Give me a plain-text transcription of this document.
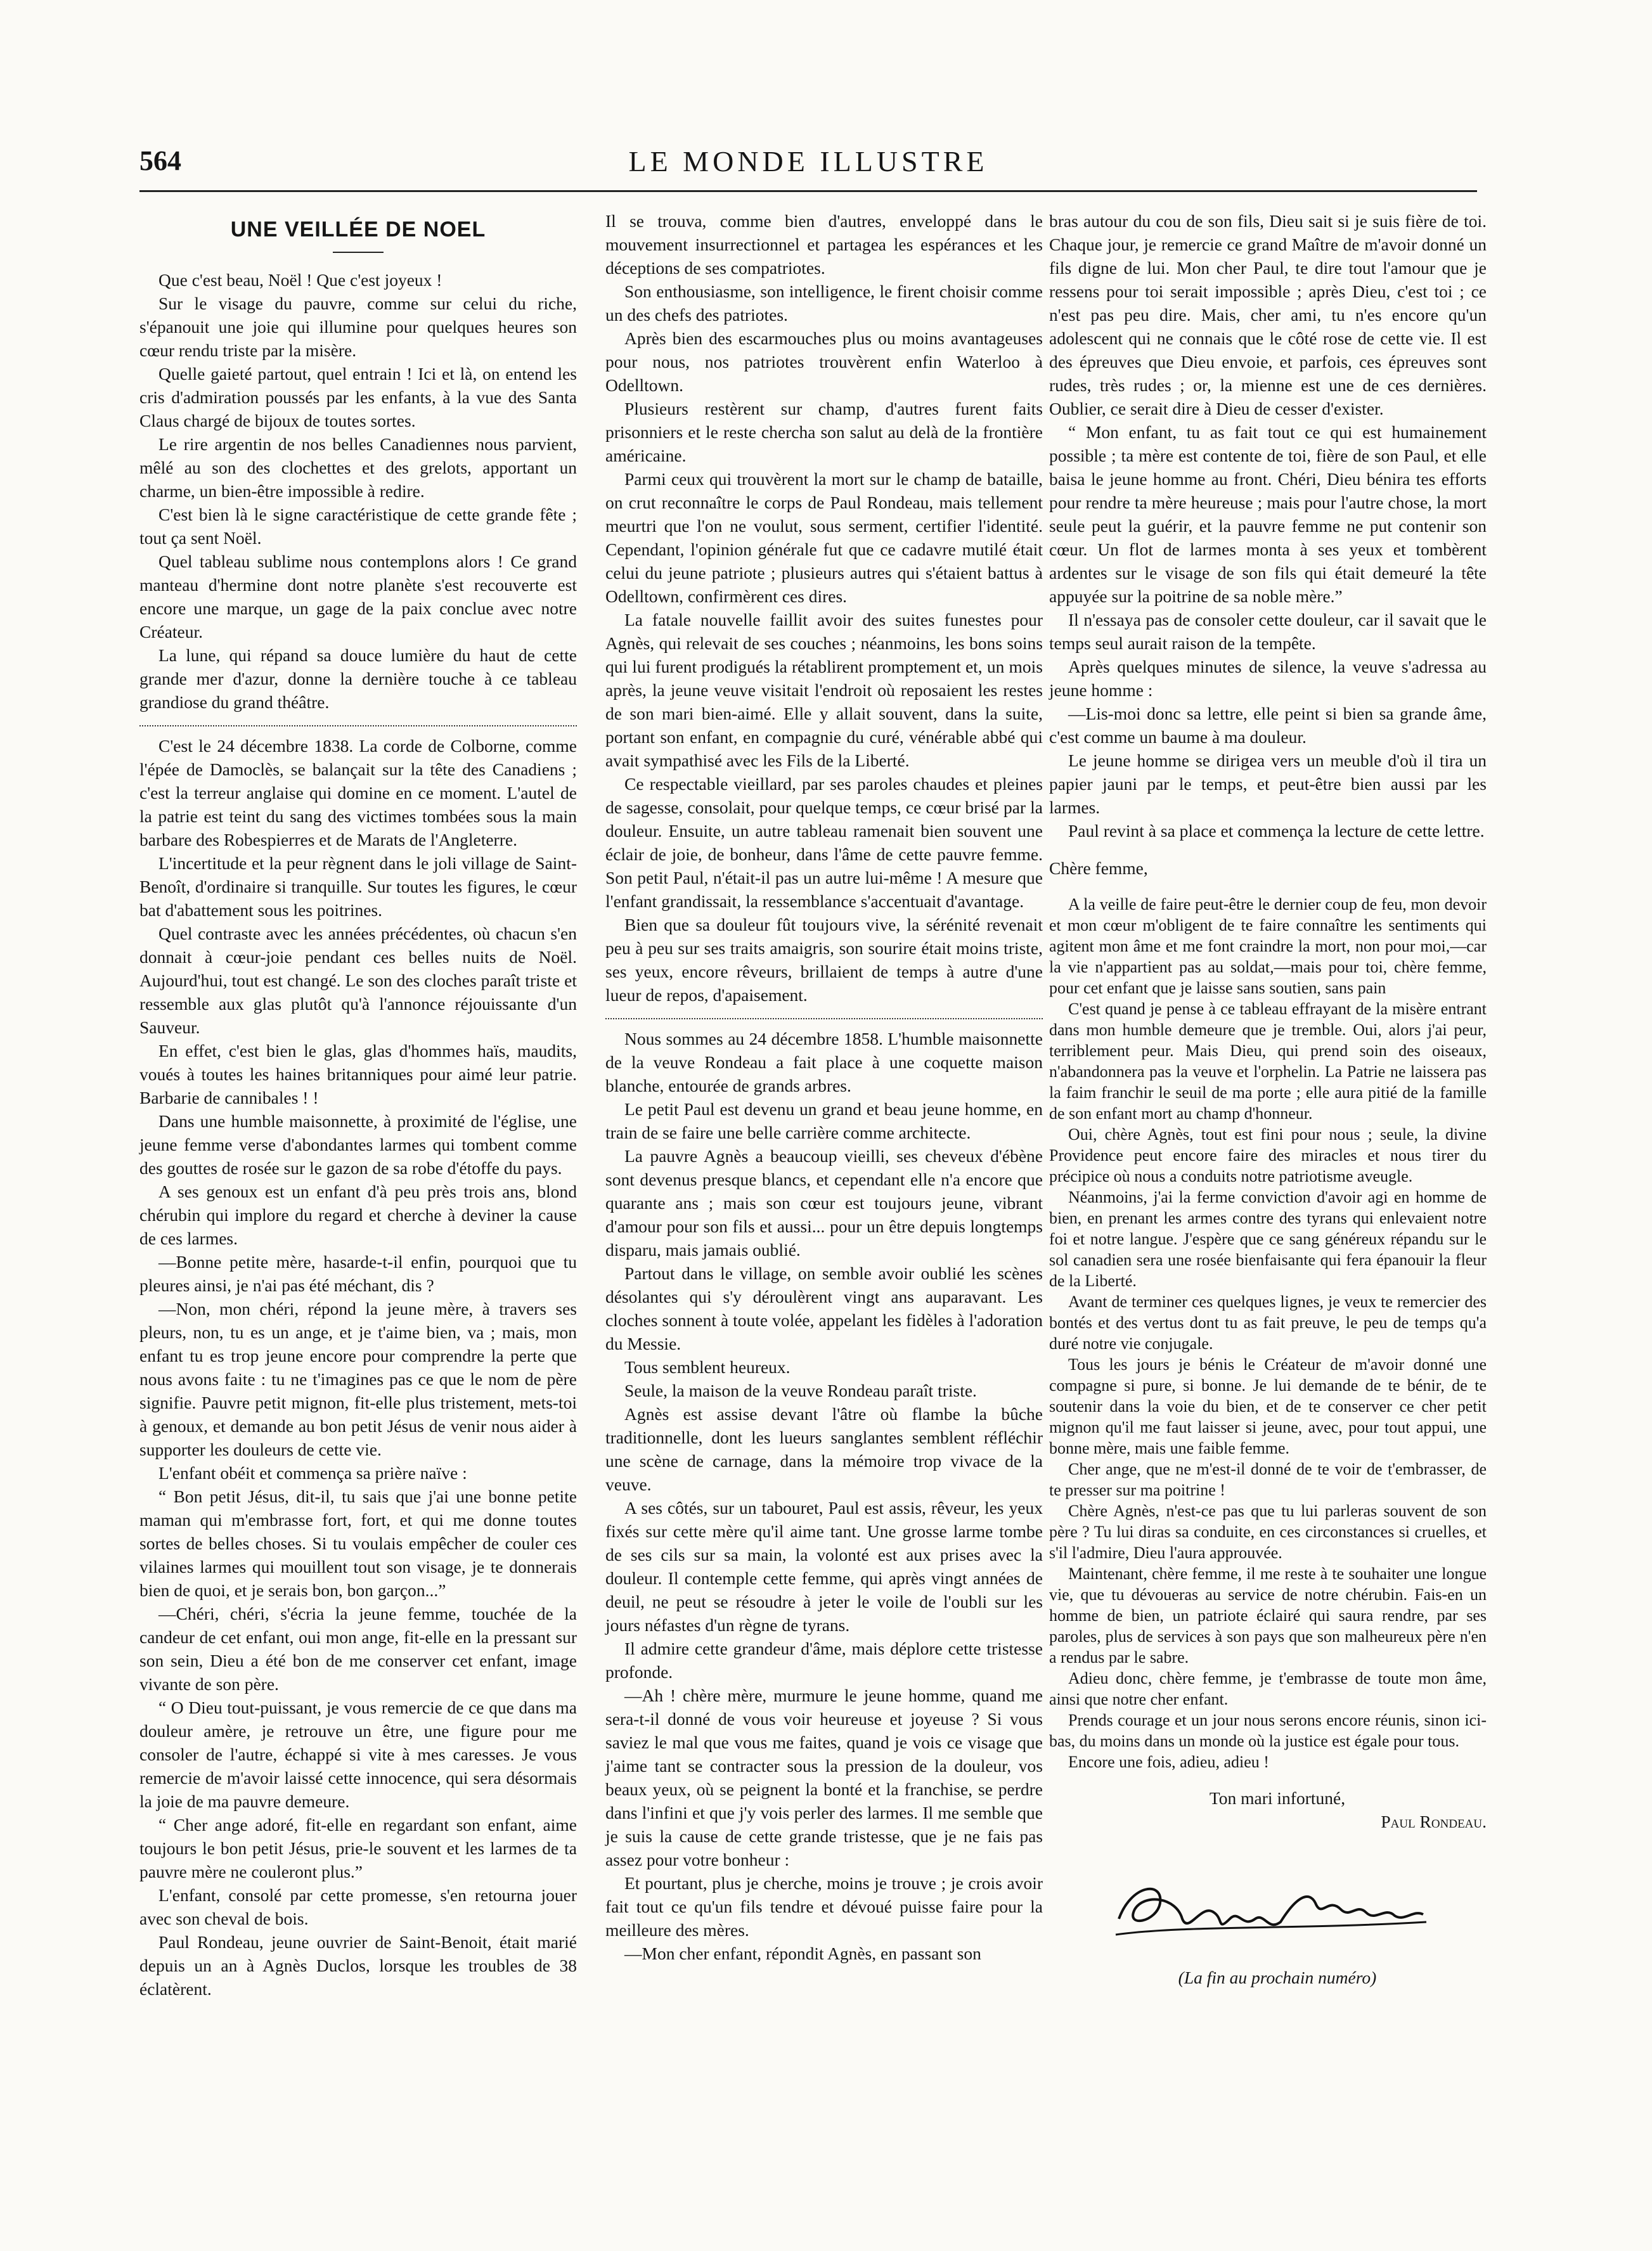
564	LE MONDE ILLUSTRE
UNE VEILLÉE DE NOEL

Que c'est beau, Noël ! Que c'est joyeux !

Sur le visage du pauvre, comme sur celui du riche, s'épanouit une joie qui illumine pour quelques heures son cœur rendu triste par la misère.

Quelle gaieté partout, quel entrain ! Ici et là, on entend les cris d'admiration poussés par les enfants, à la vue des Santa Claus chargé de bijoux de toutes sortes.

Le rire argentin de nos belles Canadiennes nous parvient, mêlé au son des clochettes et des grelots, apportant un charme, un bien-être impossible à redire.

C'est bien là le signe caractéristique de cette grande fête ; tout ça sent Noël.

Quel tableau sublime nous contemplons alors ! Ce grand manteau d'hermine dont notre planète s'est recouverte est encore une marque, un gage de la paix conclue avec notre Créateur.

La lune, qui répand sa douce lumière du haut de cette grande mer d'azur, donne la dernière touche à ce tableau grandiose du grand théâtre.

C'est le 24 décembre 1838. La corde de Colborne, comme l'épée de Damoclès, se balançait sur la tête des Canadiens ; c'est la terreur anglaise qui domine en ce moment. L'autel de la patrie est teint du sang des victimes tombées sous la main barbare des Robespierres et de Marats de l'Angleterre.

L'incertitude et la peur règnent dans le joli village de Saint-Benoît, d'ordinaire si tranquille. Sur toutes les figures, le cœur bat d'abattement sous les poitrines.

Quel contraste avec les années précédentes, où chacun s'en donnait à cœur-joie pendant ces belles nuits de Noël. Aujourd'hui, tout est changé. Le son des cloches paraît triste et ressemble aux glas plutôt qu'à l'annonce réjouissante d'un Sauveur.

En effet, c'est bien le glas, glas d'hommes haïs, maudits, voués à toutes les haines britanniques pour aimé leur patrie. Barbarie de cannibales ! !

Dans une humble maisonnette, à proximité de l'église, une jeune femme verse d'abondantes larmes qui tombent comme des gouttes de rosée sur le gazon de sa robe d'étoffe du pays.

A ses genoux est un enfant d'à peu près trois ans, blond chérubin qui implore du regard et cherche à deviner la cause de ces larmes.

—Bonne petite mère, hasarde-t-il enfin, pourquoi que tu pleures ainsi, je n'ai pas été méchant, dis ?

—Non, mon chéri, répond la jeune mère, à travers ses pleurs, non, tu es un ange, et je t'aime bien, va ; mais, mon enfant tu es trop jeune encore pour comprendre la perte que nous avons faite : tu ne t'imagines pas ce que le nom de père signifie. Pauvre petit mignon, fit-elle plus tristement, mets-toi à genoux, et demande au bon petit Jésus de venir nous aider à supporter les douleurs de cette vie.

L'enfant obéit et commença sa prière naïve :

“ Bon petit Jésus, dit-il, tu sais que j'ai une bonne petite maman qui m'embrasse fort, fort, et qui me donne toutes sortes de belles choses. Si tu voulais empêcher de couler ces vilaines larmes qui mouillent tout son visage, je te donnerais bien de quoi, et je serais bon, bon garçon...”

—Chéri, chéri, s'écria la jeune femme, touchée de la candeur de cet enfant, oui mon ange, fit-elle en la pressant sur son sein, Dieu a été bon de me conserver cet enfant, image vivante de son père.

“ O Dieu tout-puissant, je vous remercie de ce que dans ma douleur amère, je retrouve un être, une figure pour me consoler de l'autre, échappé si vite à mes caresses. Je vous remercie de m'avoir laissé cette innocence, qui sera désormais la joie de ma pauvre demeure.

“ Cher ange adoré, fit-elle en regardant son enfant, aime toujours le bon petit Jésus, prie-le souvent et les larmes de ta pauvre mère ne couleront plus.”

L'enfant, consolé par cette promesse, s'en retourna jouer avec son cheval de bois.

Paul Rondeau, jeune ouvrier de Saint-Benoit, était marié depuis un an à Agnès Duclos, lorsque les troubles de 38 éclatèrent.

Il se trouva, comme bien d'autres, enveloppé dans le mouvement insurrectionnel et partagea les espérances et les déceptions de ses compatriotes.

Son enthousiasme, son intelligence, le firent choisir comme un des chefs des patriotes.

Après bien des escarmouches plus ou moins avantageuses pour nous, nos patriotes trouvèrent enfin Waterloo à Odelltown.

Plusieurs restèrent sur champ, d'autres furent faits prisonniers et le reste chercha son salut au delà de la frontière américaine.

Parmi ceux qui trouvèrent la mort sur le champ de bataille, on crut reconnaître le corps de Paul Rondeau, mais tellement meurtri que l'on ne voulut, sous serment, certifier l'identité. Cependant, l'opinion générale fut que ce cadavre mutilé était celui du jeune patriote ; plusieurs autres qui s'étaient battus à Odelltown, confirmèrent ces dires.

La fatale nouvelle faillit avoir des suites funestes pour Agnès, qui relevait de ses couches ; néanmoins, les bons soins qui lui furent prodigués la rétablirent promptement et, un mois après, la jeune veuve visitait l'endroit où reposaient les restes de son mari bien-aimé. Elle y allait souvent, dans la suite, portant son enfant, en compagnie du curé, vénérable abbé qui avait sympathisé avec les Fils de la Liberté.

Ce respectable vieillard, par ses paroles chaudes et pleines de sagesse, consolait, pour quelque temps, ce cœur brisé par la douleur. Ensuite, un autre tableau ramenait bien souvent une éclair de joie, de bonheur, dans l'âme de cette pauvre femme. Son petit Paul, n'était-il pas un autre lui-même ! A mesure que l'enfant grandissait, la ressemblance s'accentuait d'avantage.

Bien que sa douleur fût toujours vive, la sérénité revenait peu à peu sur ses traits amaigris, son sourire était moins triste, ses yeux, encore rêveurs, brillaient de temps à autre d'une lueur de repos, d'apaisement.

Nous sommes au 24 décembre 1858. L'humble maisonnette de la veuve Rondeau a fait place à une coquette maison blanche, entourée de grands arbres.

Le petit Paul est devenu un grand et beau jeune homme, en train de se faire une belle carrière comme architecte.

La pauvre Agnès a beaucoup vieilli, ses cheveux d'ébène sont devenus presque blancs, et cependant elle n'a encore que quarante ans ; mais son cœur est toujours jeune, vibrant d'amour pour son fils et aussi... pour un être depuis longtemps disparu, mais jamais oublié.

Partout dans le village, on semble avoir oublié les scènes désolantes qui s'y déroulèrent vingt ans auparavant. Les cloches sonnent à toute volée, appelant les fidèles à l'adoration du Messie.

Tous semblent heureux.

Seule, la maison de la veuve Rondeau paraît triste.

Agnès est assise devant l'âtre où flambe la bûche traditionnelle, dont les lueurs sanglantes semblent réfléchir une scène de carnage, dans la mémoire trop vivace de la veuve.

A ses côtés, sur un tabouret, Paul est assis, rêveur, les yeux fixés sur cette mère qu'il aime tant. Une grosse larme tombe de ses cils sur sa main, la volonté est aux prises avec la douleur. Il contemple cette femme, qui après vingt années de deuil, ne peut se résoudre à jeter le voile de l'oubli sur les jours néfastes d'un règne de tyrans.

Il admire cette grandeur d'âme, mais déplore cette tristesse profonde.

—Ah ! chère mère, murmure le jeune homme, quand me sera-t-il donné de vous voir heureuse et joyeuse ? Si vous saviez le mal que vous me faites, quand je vois ce visage que j'aime tant se contracter sous la pression de la douleur, vos beaux yeux, où se peignent la bonté et la franchise, se perdre dans l'infini et que j'y vois perler des larmes. Il me semble que je suis la cause de cette grande tristesse, que je ne fais pas assez pour votre bonheur :

Et pourtant, plus je cherche, moins je trouve ; je crois avoir fait tout ce qu'un fils tendre et dévoué puisse faire pour la meilleure des mères.

—Mon cher enfant, répondit Agnès, en passant son

bras autour du cou de son fils, Dieu sait si je suis fière de toi. Chaque jour, je remercie ce grand Maître de m'avoir donné un fils digne de lui. Mon cher Paul, te dire tout l'amour que je ressens pour toi serait impossible ; après Dieu, c'est toi ; ce n'est pas peu dire. Mais, cher ami, tu n'es encore qu'un adolescent qui ne connais que le côté rose de cette vie. Il est des épreuves que Dieu envoie, et parfois, ces épreuves sont rudes, très rudes ; or, la mienne est une de ces dernières. Oublier, ce serait dire à Dieu de cesser d'exister.

“ Mon enfant, tu as fait tout ce qui est humainement possible ; ta mère est contente de toi, fière de son Paul, et elle baisa le jeune homme au front. Chéri, Dieu bénira tes efforts pour rendre ta mère heureuse ; mais pour l'autre chose, la mort seule peut la guérir, et la pauvre femme ne put contenir son cœur. Un flot de larmes monta à ses yeux et tombèrent ardentes sur le visage de son fils qui était demeuré la tête appuyée sur la poitrine de sa noble mère.”

Il n'essaya pas de consoler cette douleur, car il savait que le temps seul aurait raison de la tempête.

Après quelques minutes de silence, la veuve s'adressa au jeune homme :

—Lis-moi donc sa lettre, elle peint si bien sa grande âme, c'est comme un baume à ma douleur.

Le jeune homme se dirigea vers un meuble d'où il tira un papier jauni par le temps, et peut-être bien aussi par les larmes.

Paul revint à sa place et commença la lecture de cette lettre.

Chère femme,

A la veille de faire peut-être le dernier coup de feu, mon devoir et mon cœur m'obligent de te faire connaître les sentiments qui agitent mon âme et me font craindre la mort, non pour moi,—car la vie n'appartient pas au soldat,—mais pour toi, chère femme, pour cet enfant que je laisse sans soutien, sans pain

C'est quand je pense à ce tableau effrayant de la misère entrant dans mon humble demeure que je tremble. Oui, alors j'ai peur, terriblement peur. Mais Dieu, qui prend soin des oiseaux, n'abandonnera pas la veuve et l'orphelin. La Patrie ne laissera pas la faim franchir le seuil de ma porte ; elle aura pitié de la famille de son enfant mort au champ d'honneur.

Oui, chère Agnès, tout est fini pour nous ; seule, la divine Providence peut encore faire des miracles et nous tirer du précipice où nous a conduits notre patriotisme aveugle.

Néanmoins, j'ai la ferme conviction d'avoir agi en homme de bien, en prenant les armes contre des tyrans qui enlevaient notre foi et notre langue. J'espère que ce sang généreux répandu sur le sol canadien sera une rosée bienfaisante qui fera épanouir la fleur de la Liberté.

Avant de terminer ces quelques lignes, je veux te remercier des bontés et des vertus dont tu as fait preuve, le peu de temps qu'a duré notre vie conjugale.

Tous les jours je bénis le Créateur de m'avoir donné une compagne si pure, si bonne. Je lui demande de te bénir, de te soutenir dans la voie du bien, et de te conserver ce cher petit mignon qu'il me faut laisser si jeune, avec, pour tout appui, une bonne mère, mais une faible femme.

Cher ange, que ne m'est-il donné de te voir de t'embrasser, de te presser sur ma poitrine !

Chère Agnès, n'est-ce pas que tu lui parleras souvent de son père ? Tu lui diras sa conduite, en ces circonstances si cruelles, et s'il l'admire, Dieu l'aura approuvée.

Maintenant, chère femme, il me reste à te souhaiter une longue vie, que tu dévoueras au service de notre chérubin. Fais-en un homme de bien, un patriote éclairé qui saura rendre, par ses paroles, plus de services à son pays que son malheureux père n'en a rendus par le sabre.

Adieu donc, chère femme, je t'embrasse de toute mon âme, ainsi que notre cher enfant.

Prends courage et un jour nous serons encore réunis, sinon ici-bas, du moins dans un monde où la justice est égale pour tous.

Encore une fois, adieu, adieu !

Ton mari infortuné,

Paul Rondeau.

(La fin au prochain numéro)
